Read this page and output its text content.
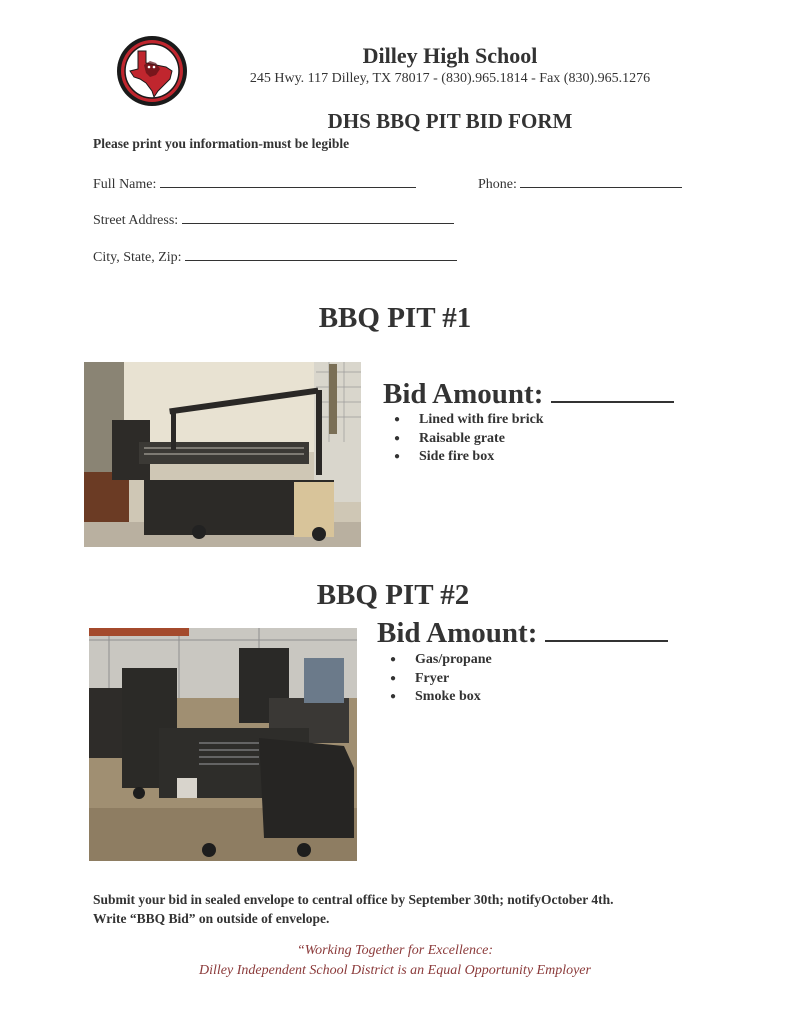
Dilley High School
245 Hwy. 117 Dilley, TX 78017 - (830).965.1814 - Fax (830).965.1276
DHS BBQ PIT BID FORM
Please print you information-must be legible
Full Name:	Phone:
Street Address:
City, State, Zip:
BBQ PIT #1
Bid Amount:
● Lined with fire brick
● Raisable grate
● Side fire box
BBQ PIT #2
Bid Amount:
● Gas/propane
● Fryer
● Smoke box
Submit your bid in sealed envelope to central office by September 30th; notifyOctober 4th.
Write “BBQ Bid” on outside of envelope.
“Working Together for Excellence:
Dilley Independent School District is an Equal Opportunity Employer
